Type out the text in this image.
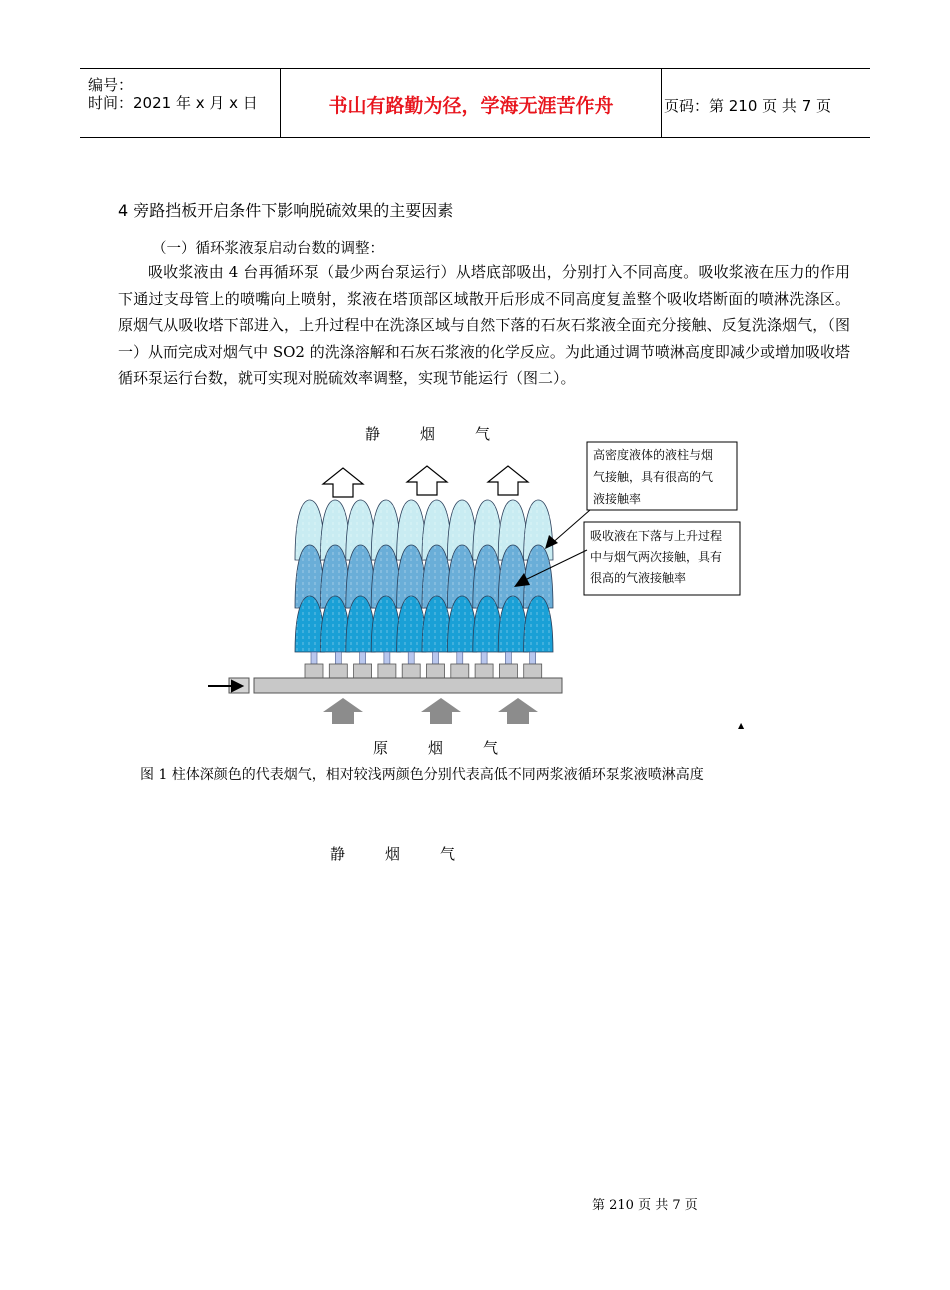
编号：
时间：2021 年 x 月 x 日	书山有路勤为径，学海无涯苦作舟	页码：第 210 页 共 7 页
4 旁路挡板开启条件下影响脱硫效果的主要因素
（一）循环浆液泵启动台数的调整：
吸收浆液由 4 台再循环泵（最少两台泵运行）从塔底部吸出，分别打入不同高度。吸收浆液在压力的作用下通过支母管上的喷嘴向上喷射，浆液在塔顶部区域散开后形成不同高度复盖整个吸收塔断面的喷淋洗涤区。原烟气从吸收塔下部进入，上升过程中在洗涤区域与自然下落的石灰石浆液全面充分接触、反复洗涤烟气，（图一）从而完成对烟气中 SO2 的洗涤溶解和石灰石浆液的化学反应。为此通过调节喷淋高度即减少或增加吸收塔循环泵运行台数，就可实现对脱硫效率调整，实现节能运行（图二）。
静	烟	气
原	烟	气
高密度液体的液柱与烟
气接触，具有很高的气
液接触率
吸收液在下落与上升过程
中与烟气两次接触，具有
很高的气液接触率
▲
图 1 柱体深颜色的代表烟气，相对较浅两颜色分别代表高低不同两浆液循环泵浆液喷淋高度
静	烟	气
第 210 页 共 7 页
